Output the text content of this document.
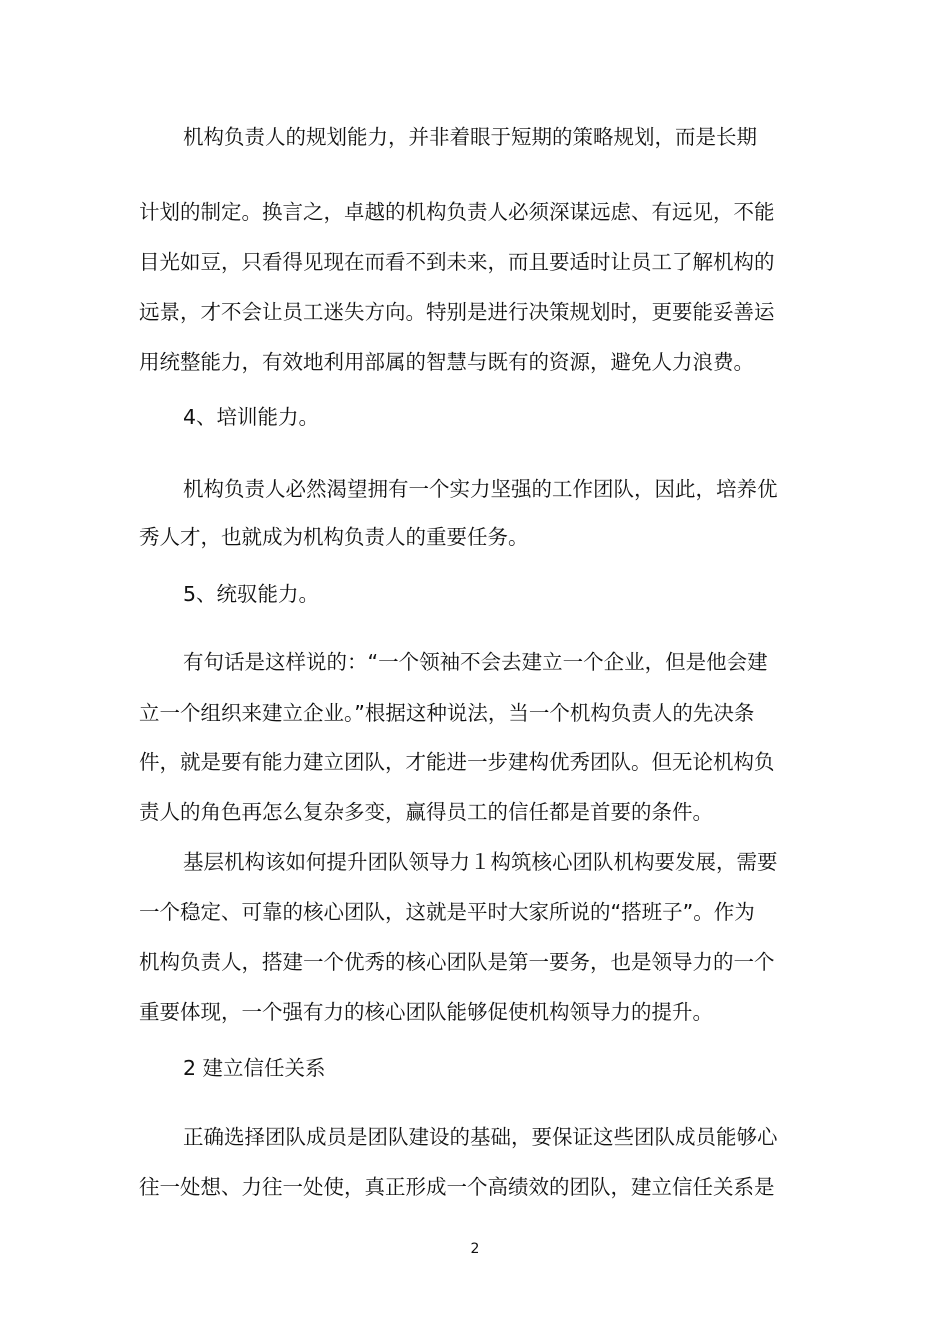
机构负责人的规划能力，并非着眼于短期的策略规划，而是长期
计划的制定。换言之，卓越的机构负责人必须深谋远虑、有远见，不能
目光如豆，只看得见现在而看不到未来，而且要适时让员工了解机构的
远景，才不会让员工迷失方向。特别是进行决策规划时，更要能妥善运
用统整能力，有效地利用部属的智慧与既有的资源，避免人力浪费。
4、培训能力。
机构负责人必然渴望拥有一个实力坚强的工作团队，因此，培养优
秀人才，也就成为机构负责人的重要任务。
5、统驭能力。
有句话是这样说的：“一个领袖不会去建立一个企业，但是他会建
立一个组织来建立企业。”根据这种说法，当一个机构负责人的先决条
件，就是要有能力建立团队，才能进一步建构优秀团队。但无论机构负
责人的角色再怎么复杂多变，赢得员工的信任都是首要的条件。
基层机构该如何提升团队领导力１构筑核心团队机构要发展，需要
一个稳定、可靠的核心团队，这就是平时大家所说的“搭班子”。作为
机构负责人，搭建一个优秀的核心团队是第一要务，也是领导力的一个
重要体现，一个强有力的核心团队能够促使机构领导力的提升。
2 建立信任关系
正确选择团队成员是团队建设的基础，要保证这些团队成员能够心
往一处想、力往一处使，真正形成一个高绩效的团队，建立信任关系是
2
